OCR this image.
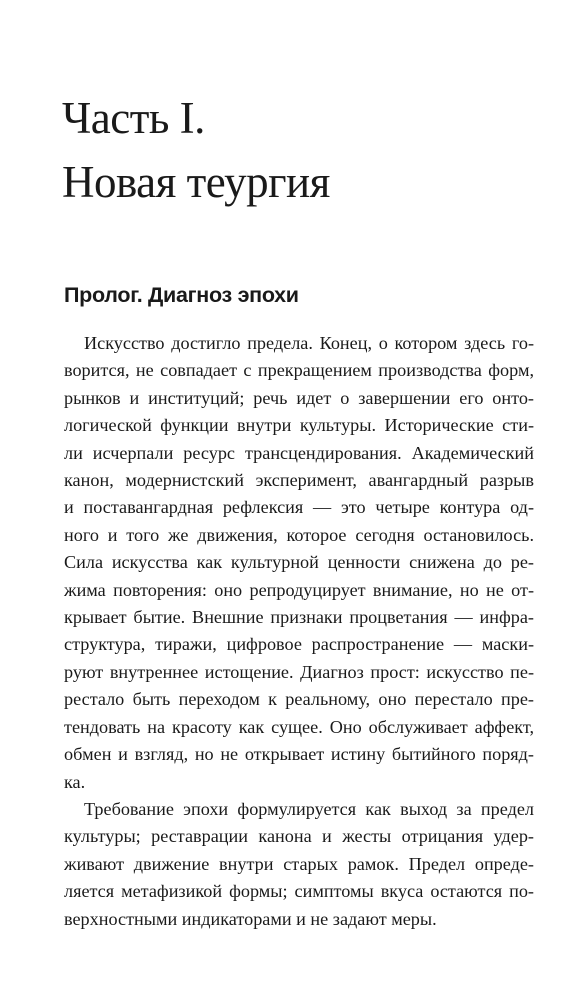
Часть I.
Новая теургия
Пролог. Диагноз эпохи

Искусство достигло предела. Конец, о котором здесь го-
ворится, не совпадает с прекращением производства форм,
рынков и институций; речь идет о завершении его онто-
логической функции внутри культуры. Исторические сти-
ли исчерпали ресурс трансцендирования. Академический
канон, модернистский эксперимент, авангардный разрыв
и поставангардная рефлексия — это четыре контура од-
ного и того же движения, которое сегодня остановилось.
Сила искусства как культурной ценности снижена до ре-
жима повторения: оно репродуцирует внимание, но не от-
крывает бытие. Внешние признаки процветания — инфра-
структура, тиражи, цифровое распространение — маски-
руют внутреннее истощение. Диагноз прост: искусство пе-
рестало быть переходом к реальному, оно перестало пре-
тендовать на красоту как сущее. Оно обслуживает аффект,
обмен и взгляд, но не открывает истину бытийного поряд-
ка.

Требование эпохи формулируется как выход за предел
культуры; реставрации канона и жесты отрицания удер-
живают движение внутри старых рамок. Предел опреде-
ляется метафизикой формы; симптомы вкуса остаются по-
верхностными индикаторами и не задают меры.
